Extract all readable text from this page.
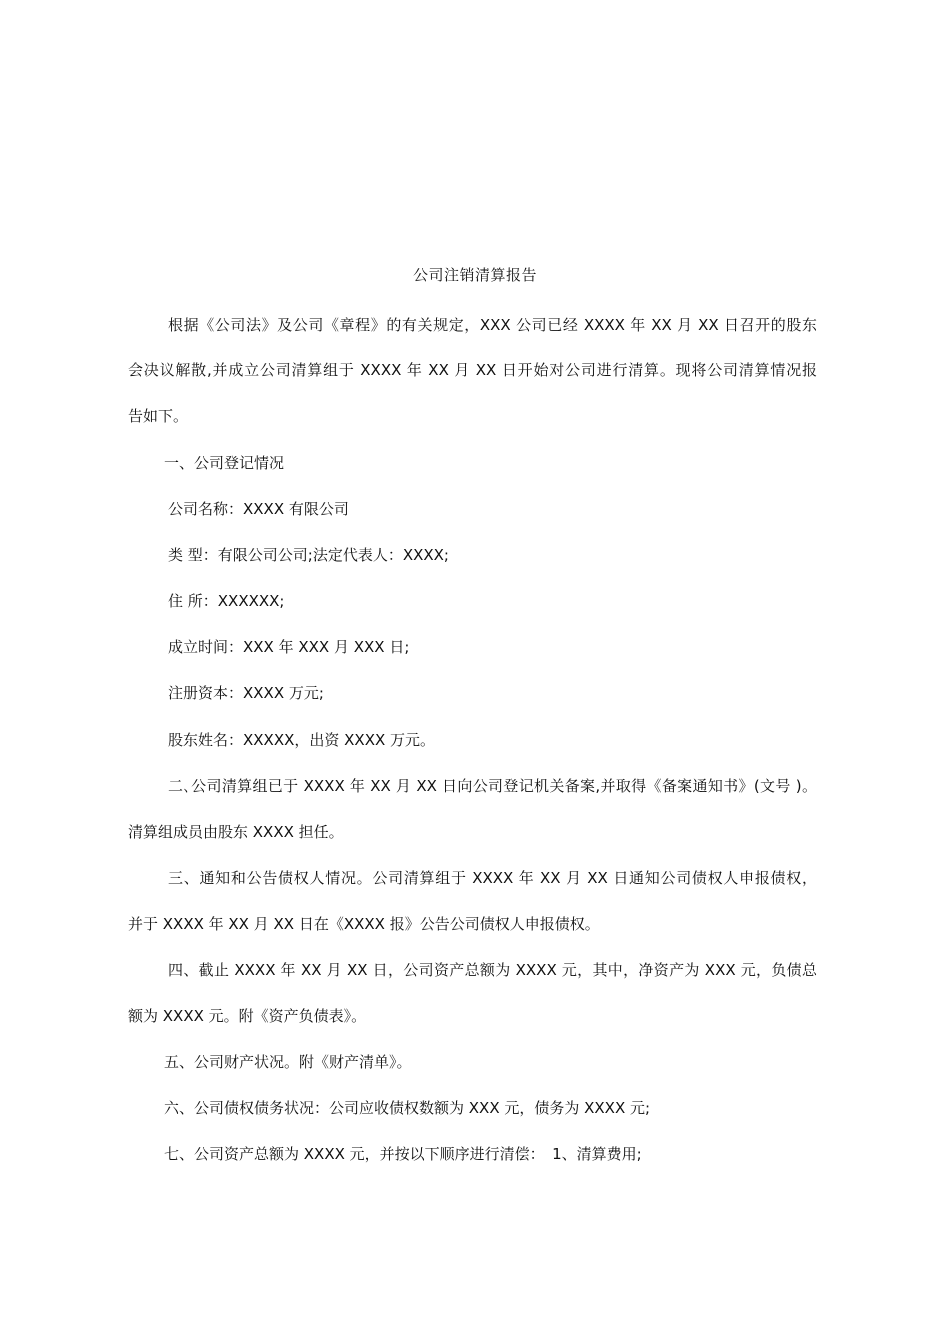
公司注销清算报告
根据《公司法》及公司《章程》的有关规定，XXX 公司已经 XXXX 年 XX 月 XX 日召开的股东
会决议解散,并成立公司清算组于 XXXX 年 XX 月 XX 日开始对公司进行清算。现将公司清算情况报
告如下。
一、公司登记情况
公司名称：XXXX 有限公司
类 型：有限公司公司;法定代表人：XXXX;
住 所：XXXXXX;
成立时间：XXX 年 XXX 月 XXX 日;
注册资本：XXXX 万元;
股东姓名：XXXXX，出资 XXXX 万元。
二､公司清算组已于 XXXX 年 XX 月 XX 日向公司登记机关备案,并取得《备案通知书》(文号 )。
清算组成员由股东 XXXX 担任。
三、通知和公告债权人情况。公司清算组于 XXXX 年 XX 月 XX 日通知公司债权人申报债权，
并于 XXXX 年 XX 月 XX 日在《XXXX 报》公告公司债权人申报债权。
四、截止 XXXX 年 XX 月 XX 日，公司资产总额为 XXXX 元，其中，净资产为 XXX 元，负债总
额为 XXXX 元。附《资产负债表》。
五、公司财产状况。附《财产清单》。
六、公司债权债务状况：公司应收债权数额为 XXX 元，债务为 XXXX 元;
七、公司资产总额为 XXXX 元，并按以下顺序进行清偿：　1、清算费用;
